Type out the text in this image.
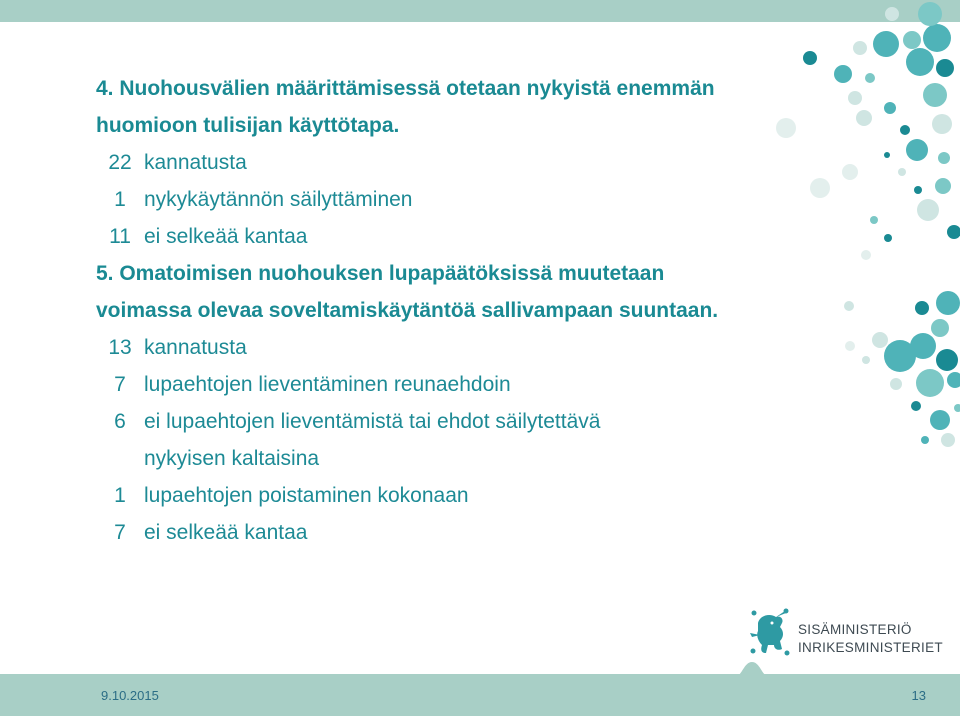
4. Nuohousvälien määrittämisessä otetaan nykyistä enemmän
huomioon tulisijan käyttötapa.
22 kannatusta
1 nykykäytännön säilyttäminen
11 ei selkeää kantaa
5. Omatoimisen nuohouksen lupapäätöksissä muutetaan
voimassa olevaa soveltamiskäytäntöä sallivampaan suuntaan.
13 kannatusta
7 lupaehtojen lieventäminen reunaehdoin
6 ei lupaehtojen lieventämistä tai ehdot säilytettävä
nykyisen kaltaisina
1 lupaehtojen poistaminen kokonaan
7 ei selkeää kantaa
SISÄMINISTERIÖ
INRIKESMINISTERIET
9.10.2015	13
